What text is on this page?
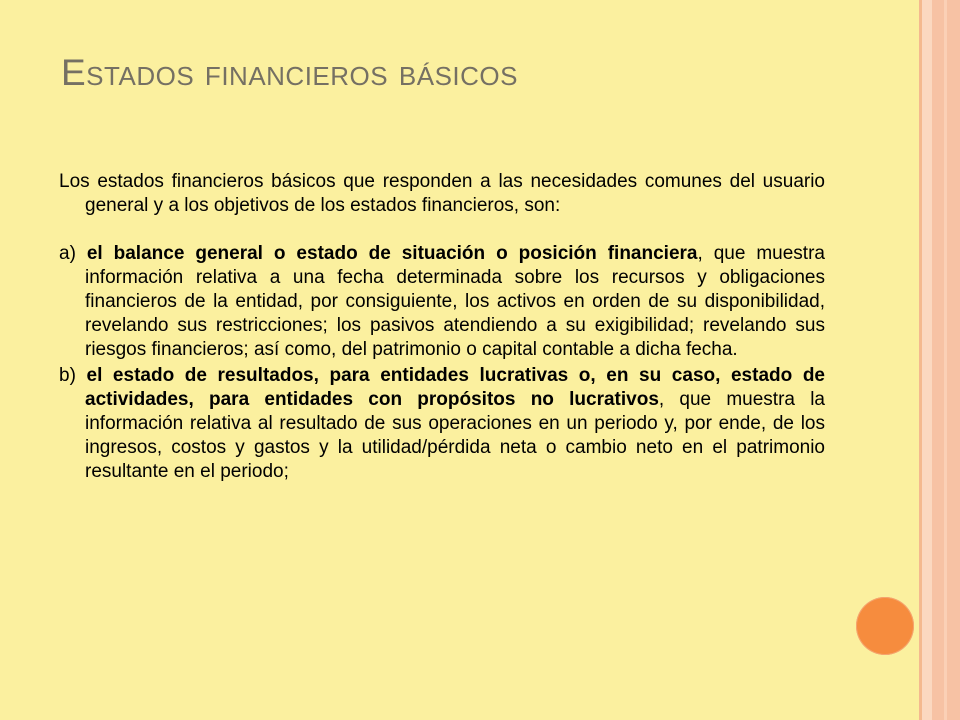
Estados financieros básicos

Los estados financieros básicos que responden a las necesidades comunes del usuario general y a los objetivos de los estados financieros, son:

a) el balance general o estado de situación o posición financiera, que muestra información relativa a una fecha determinada sobre los recursos y obligaciones financieros de la entidad, por consiguiente, los activos en orden de su disponibilidad, revelando sus restricciones; los pasivos atendiendo a su exigibilidad; revelando sus riesgos financieros; así como, del patrimonio o capital contable a dicha fecha.

b) el estado de resultados, para entidades lucrativas o, en su caso, estado de actividades, para entidades con propósitos no lucrativos, que muestra la información relativa al resultado de sus operaciones en un periodo y, por ende, de los ingresos, costos y gastos y la utilidad/pérdida neta o cambio neto en el patrimonio resultante en el periodo;
